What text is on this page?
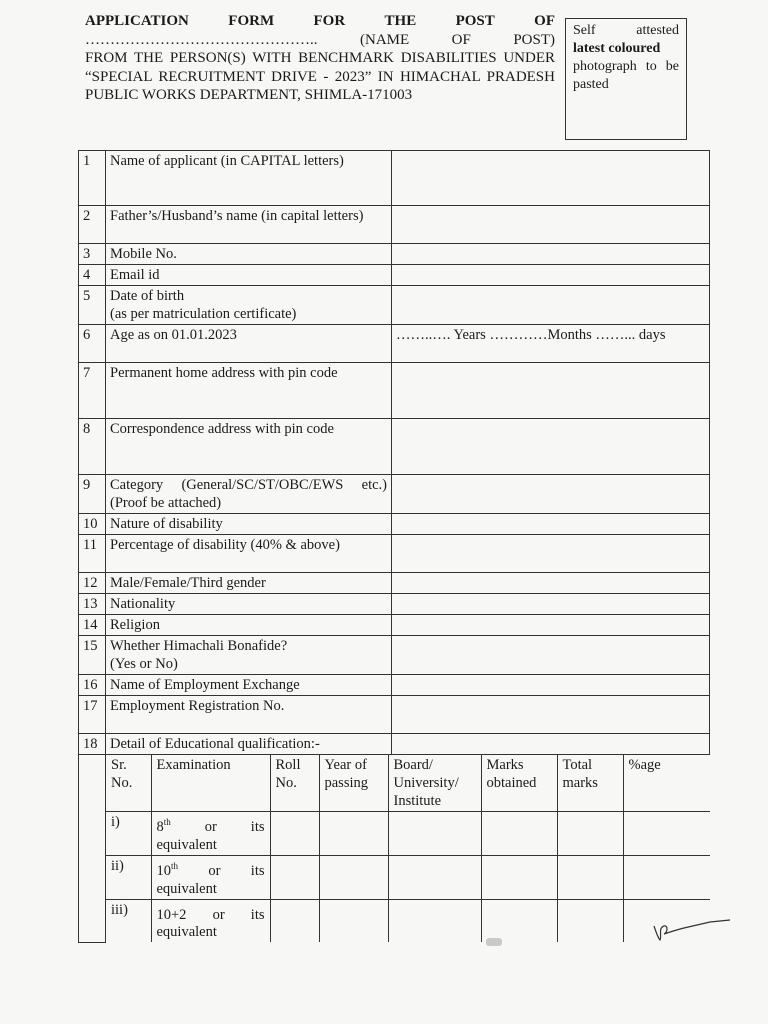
APPLICATION	FORM	FOR	THE	POST	OF
……………………………………….. (NAME OF POST)
FROM THE PERSON(S) WITH BENCHMARK DISABILITIES UNDER “SPECIAL RECRUITMENT DRIVE - 2023” IN HIMACHAL PRADESH PUBLIC WORKS DEPARTMENT, SHIMLA-171003
Self attested
latest coloured
photograph to be pasted
1	Name of applicant (in CAPITAL letters)	
2	Father’s/Husband’s name (in capital letters)	
3	Mobile No.	
4	Email id	
5	Date of birth
(as per matriculation certificate)

6	Age as on 01.01.2023	……..…. Years …………Months ……... days
7	Permanent home address with pin code	
8	Correspondence address with pin code	
9	Category (General/SC/ST/OBC/EWS etc.) (Proof be attached)	
10	Nature of disability	
11	Percentage of disability (40% & above)	
12	Male/Female/Third gender	
13	Nationality	
14	Religion	
15	Whether Himachali Bonafide?
(Yes or No)

16	Name of Employment Exchange	
17	Employment Registration No.	
18	Detail of Educational qualification:-	

Sr. No.	Examination	Roll No.	Year of passing	Board/ University/ Institute	Marks obtained	Total marks	%age
i)	8th or its equivalent						
ii)	10th or its equivalent						
iii)	10+2 or its equivalent						
